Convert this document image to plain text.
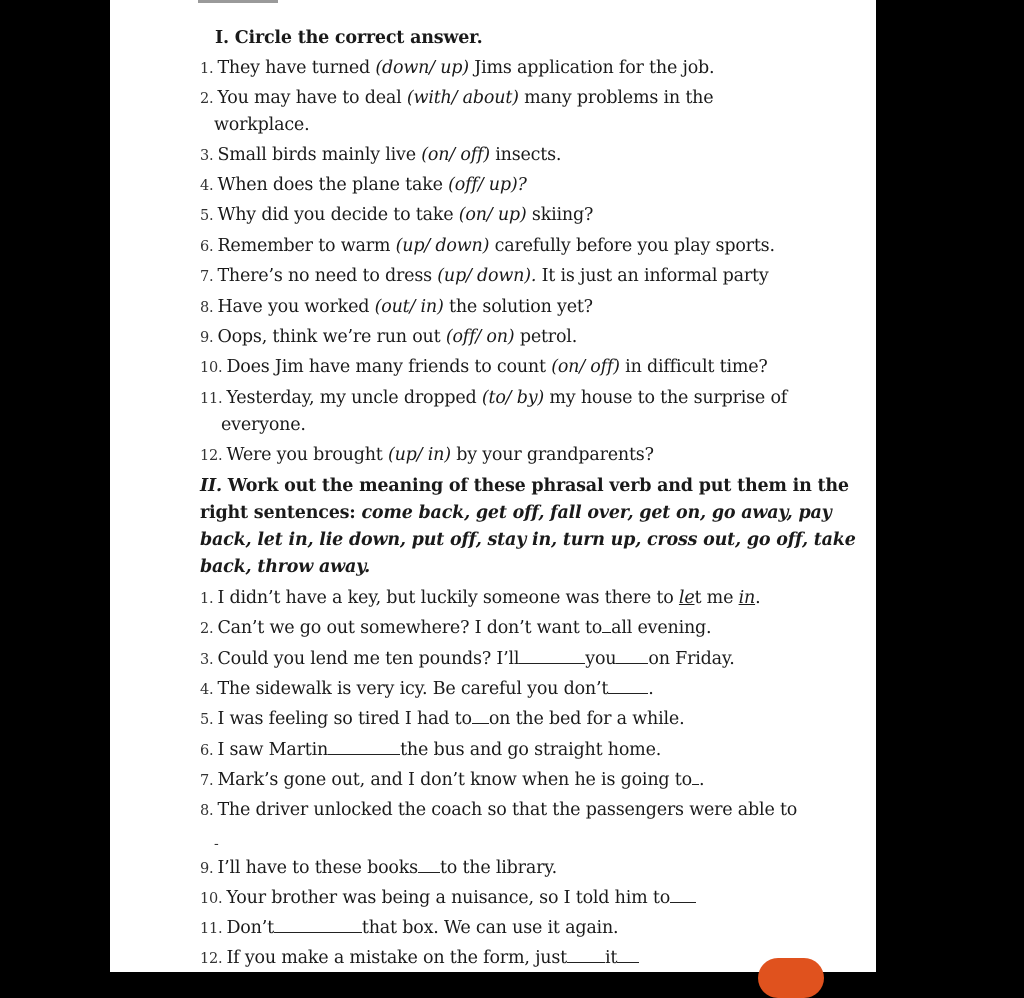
I. Circle the correct answer.
1. They have turned (down/ up) Jims application for the job.
2. You may have to deal (with/ about) many problems in the
workplace.
3. Small birds mainly live (on/ off) insects.
4. When does the plane take (off/ up)?
5. Why did you decide to take (on/ up) skiing?
6. Remember to warm (up/ down) carefully before you play sports.
7. There’s no need to dress (up/ down). It is just an informal party
8. Have you worked (out/ in) the solution yet?
9. Oops, think we’re run out (off/ on) petrol.
10. Does Jim have many friends to count (on/ off) in difficult time?
11. Yesterday, my uncle dropped (to/ by) my house to the surprise of
everyone.
12. Were you brought (up/ in) by your grandparents?
II. Work out the meaning of these phrasal verb and put them in the
right sentences: come back, get off, fall over, get on, go away, pay
back, let in, lie down, put off, stay in, turn up, cross out, go off, take
back, throw away.
1. I didn’t have a key, but luckily someone was there to let me in.
2. Can’t we go out somewhere? I don’t want to all evening.
3. Could you lend me ten pounds? I’ll	you on Friday.
4. The sidewalk is very icy. Be careful you don’t .
5. I was feeling so tired I had to on the bed for a while.
6. I saw Martin	the bus and go straight home.
7. Mark’s gone out, and I don’t know when he is going to .
8. The driver unlocked the coach so that the passengers were able to
-
9. I’ll have to these books to the library.
10. Your brother was being a nuisance, so I told him to
11. Don’t	that box. We can use it again.
12. If you make a mistake on the form, just it
